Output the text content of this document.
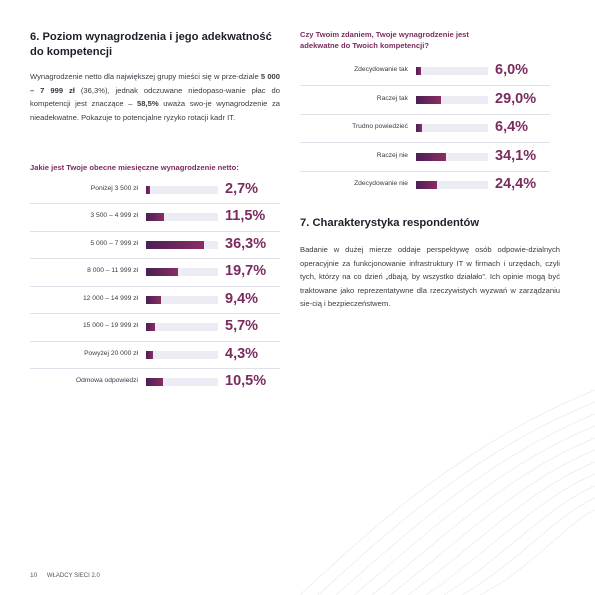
6. Poziom wynagrodzenia i jego adekwatność do kompetencji

Wynagrodzenie netto dla największej grupy mieści się w prze-dziale 5 000 – 7 999 zł (36,3%), jednak odczuwane niedopaso-wanie płac do kompetencji jest znaczące – 58,5% uważa swo-je wynagrodzenie za nieadekwatne. Pokazuje to potencjalne ryzyko rotacji kadr IT.

Jakie jest Twoje obecne miesięczne wynagrodzenie netto:
Poniżej 3 500 zł	2,7%
3 500 – 4 999 zł	11,5%
5 000 – 7 999 zł	36,3%
8 000 – 11 999 zł	19,7%
12 000 – 14 999 zł	9,4%
15 000 – 19 999 zł	5,7%
Powyżej 20 000 zł	4,3%
Odmowa odpowiedzi	10,5%
Czy Twoim zdaniem, Twoje wynagrodzenie jest adekwatne do Twoich kompetencji?
Zdecydowanie tak	6,0%
Raczej tak	29,0%
Trudno powiedzieć	6,4%
Raczej nie	34,1%
Zdecydowanie nie	24,4%
7. Charakterystyka respondentów

Badanie w dużej mierze oddaje perspektywę osób odpowie-dzialnych operacyjnie za funkcjonowanie infrastruktury IT w firmach i urzędach, czyli tych, którzy na co dzień „dbają, by wszystko działało”. Ich opinie mogą być traktowane jako reprezentatywne dla rzeczywistych wyzwań w zarządzaniu sie-cią i bezpieczeństwem.

10 WŁADCY SIECI 2.0
